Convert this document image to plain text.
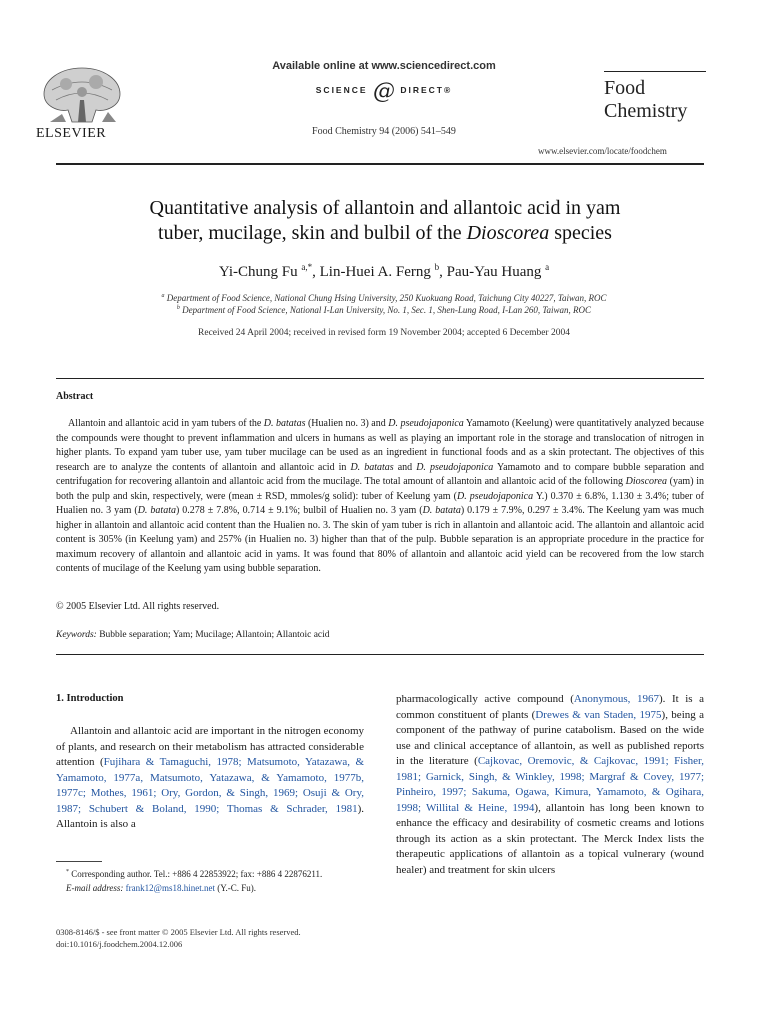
ELSEVIER
Available online at www.sciencedirect.com
SCIENCE @ DIRECT®
Food Chemistry 94 (2006) 541–549
Food
Chemistry
www.elsevier.com/locate/foodchem
Quantitative analysis of allantoin and allantoic acid in yam
tuber, mucilage, skin and bulbil of the Dioscorea species
Yi-Chung Fu $^{a,*}$, Lin-Huei A. Ferng $^b$, Pau-Yau Huang $^a$
$^a$ Department of Food Science, National Chung Hsing University, 250 Kuokuang Road, Taichung City 40227, Taiwan, ROC
$^b$ Department of Food Science, National I-Lan University, No. 1, Sec. 1, Shen-Lung Road, I-Lan 260, Taiwan, ROC
Received 24 April 2004; received in revised form 19 November 2004; accepted 6 December 2004
Abstract

Allantoin and allantoic acid in yam tubers of the D. batatas (Hualien no. 3) and D. pseudojaponica Yamamoto (Keelung) were quantitatively analyzed because the compounds were thought to prevent inflammation and ulcers in humans as well as playing an important role in the storage and translocation of nitrogen in higher plants. To expand yam tuber use, yam tuber mucilage can be used as an ingredient in functional foods and as a skin protectant. The objectives of this research are to analyze the contents of allantoin and allantoic acid in D. batatas and D. pseudojaponica Yamamoto and to compare bubble separation and centrifugation for recovering allantoin and allantoic acid from the mucilage. The total amount of allantoin and allantoic acid of the following Dioscorea (yam) in both the pulp and skin, respectively, were (mean ± RSD, mmoles/g solid): tuber of Keelung yam (D. pseudojaponica Y.) 0.370 ± 6.8%, 1.130 ± 3.4%; tuber of Hualien no. 3 yam (D. batata) 0.278 ± 7.8%, 0.714 ± 9.1%; bulbil of Hualien no. 3 yam (D. batata) 0.179 ± 7.9%, 0.297 ± 3.4%. The Keelung yam was much higher in allantoin and allantoic acid content than the Hualien no. 3. The skin of yam tuber is rich in allantoin and allantoic acid. The allantoin and allantoic acid content is 305% (in Keelung yam) and 257% (in Hualien no. 3) higher than that of the pulp. Bubble separation is an appropriate procedure in the practice for maximum recovery of allantoin and allantoic acid in yams. It was found that 80% of allantoin and allantoic acid yield can be recovered from the low starch contents of mucilage of the Keelung yam using bubble separation.

© 2005 Elsevier Ltd. All rights reserved.
Keywords: Bubble separation; Yam; Mucilage; Allantoin; Allantoic acid
1. Introduction

Allantoin and allantoic acid are important in the nitrogen economy of plants, and research on their metabolism has attracted considerable attention (Fujihara & Tamaguchi, 1978; Matsumoto, Yatazawa, & Yamamoto, 1977a, Matsumoto, Yatazawa, & Yamamoto, 1977b, 1977c; Mothes, 1961; Ory, Gordon, & Singh, 1969; Osuji & Ory, 1987; Schubert & Boland, 1990; Thomas & Schrader, 1981). Allantoin is also a

pharmacologically active compound (Anonymous, 1967). It is a common constituent of plants (Drewes & van Staden, 1975), being a component of the pathway of purine catabolism. Based on the wide use and clinical acceptance of allantoin, as well as published reports in the literature (Cajkovac, Oremovic, & Cajkovac, 1991; Fisher, 1981; Garnick, Singh, & Winkley, 1998; Margraf & Covey, 1977; Pinheiro, 1997; Sakuma, Ogawa, Kimura, Yamamoto, & Ogihara, 1998; Willital & Heine, 1994), allantoin has long been known to enhance the efficacy and desirability of cosmetic creams and lotions through its action as a skin protectant. The Merck Index lists the therapeutic applications of allantoin as a topical vulnerary (wound healer) and treatment for skin ulcers

* Corresponding author. Tel.: +886 4 22853922; fax: +886 4 22876211.

E-mail address: frank12@ms18.hinet.net (Y.-C. Fu).

0308-8146/$ - see front matter © 2005 Elsevier Ltd. All rights reserved.
doi:10.1016/j.foodchem.2004.12.006
